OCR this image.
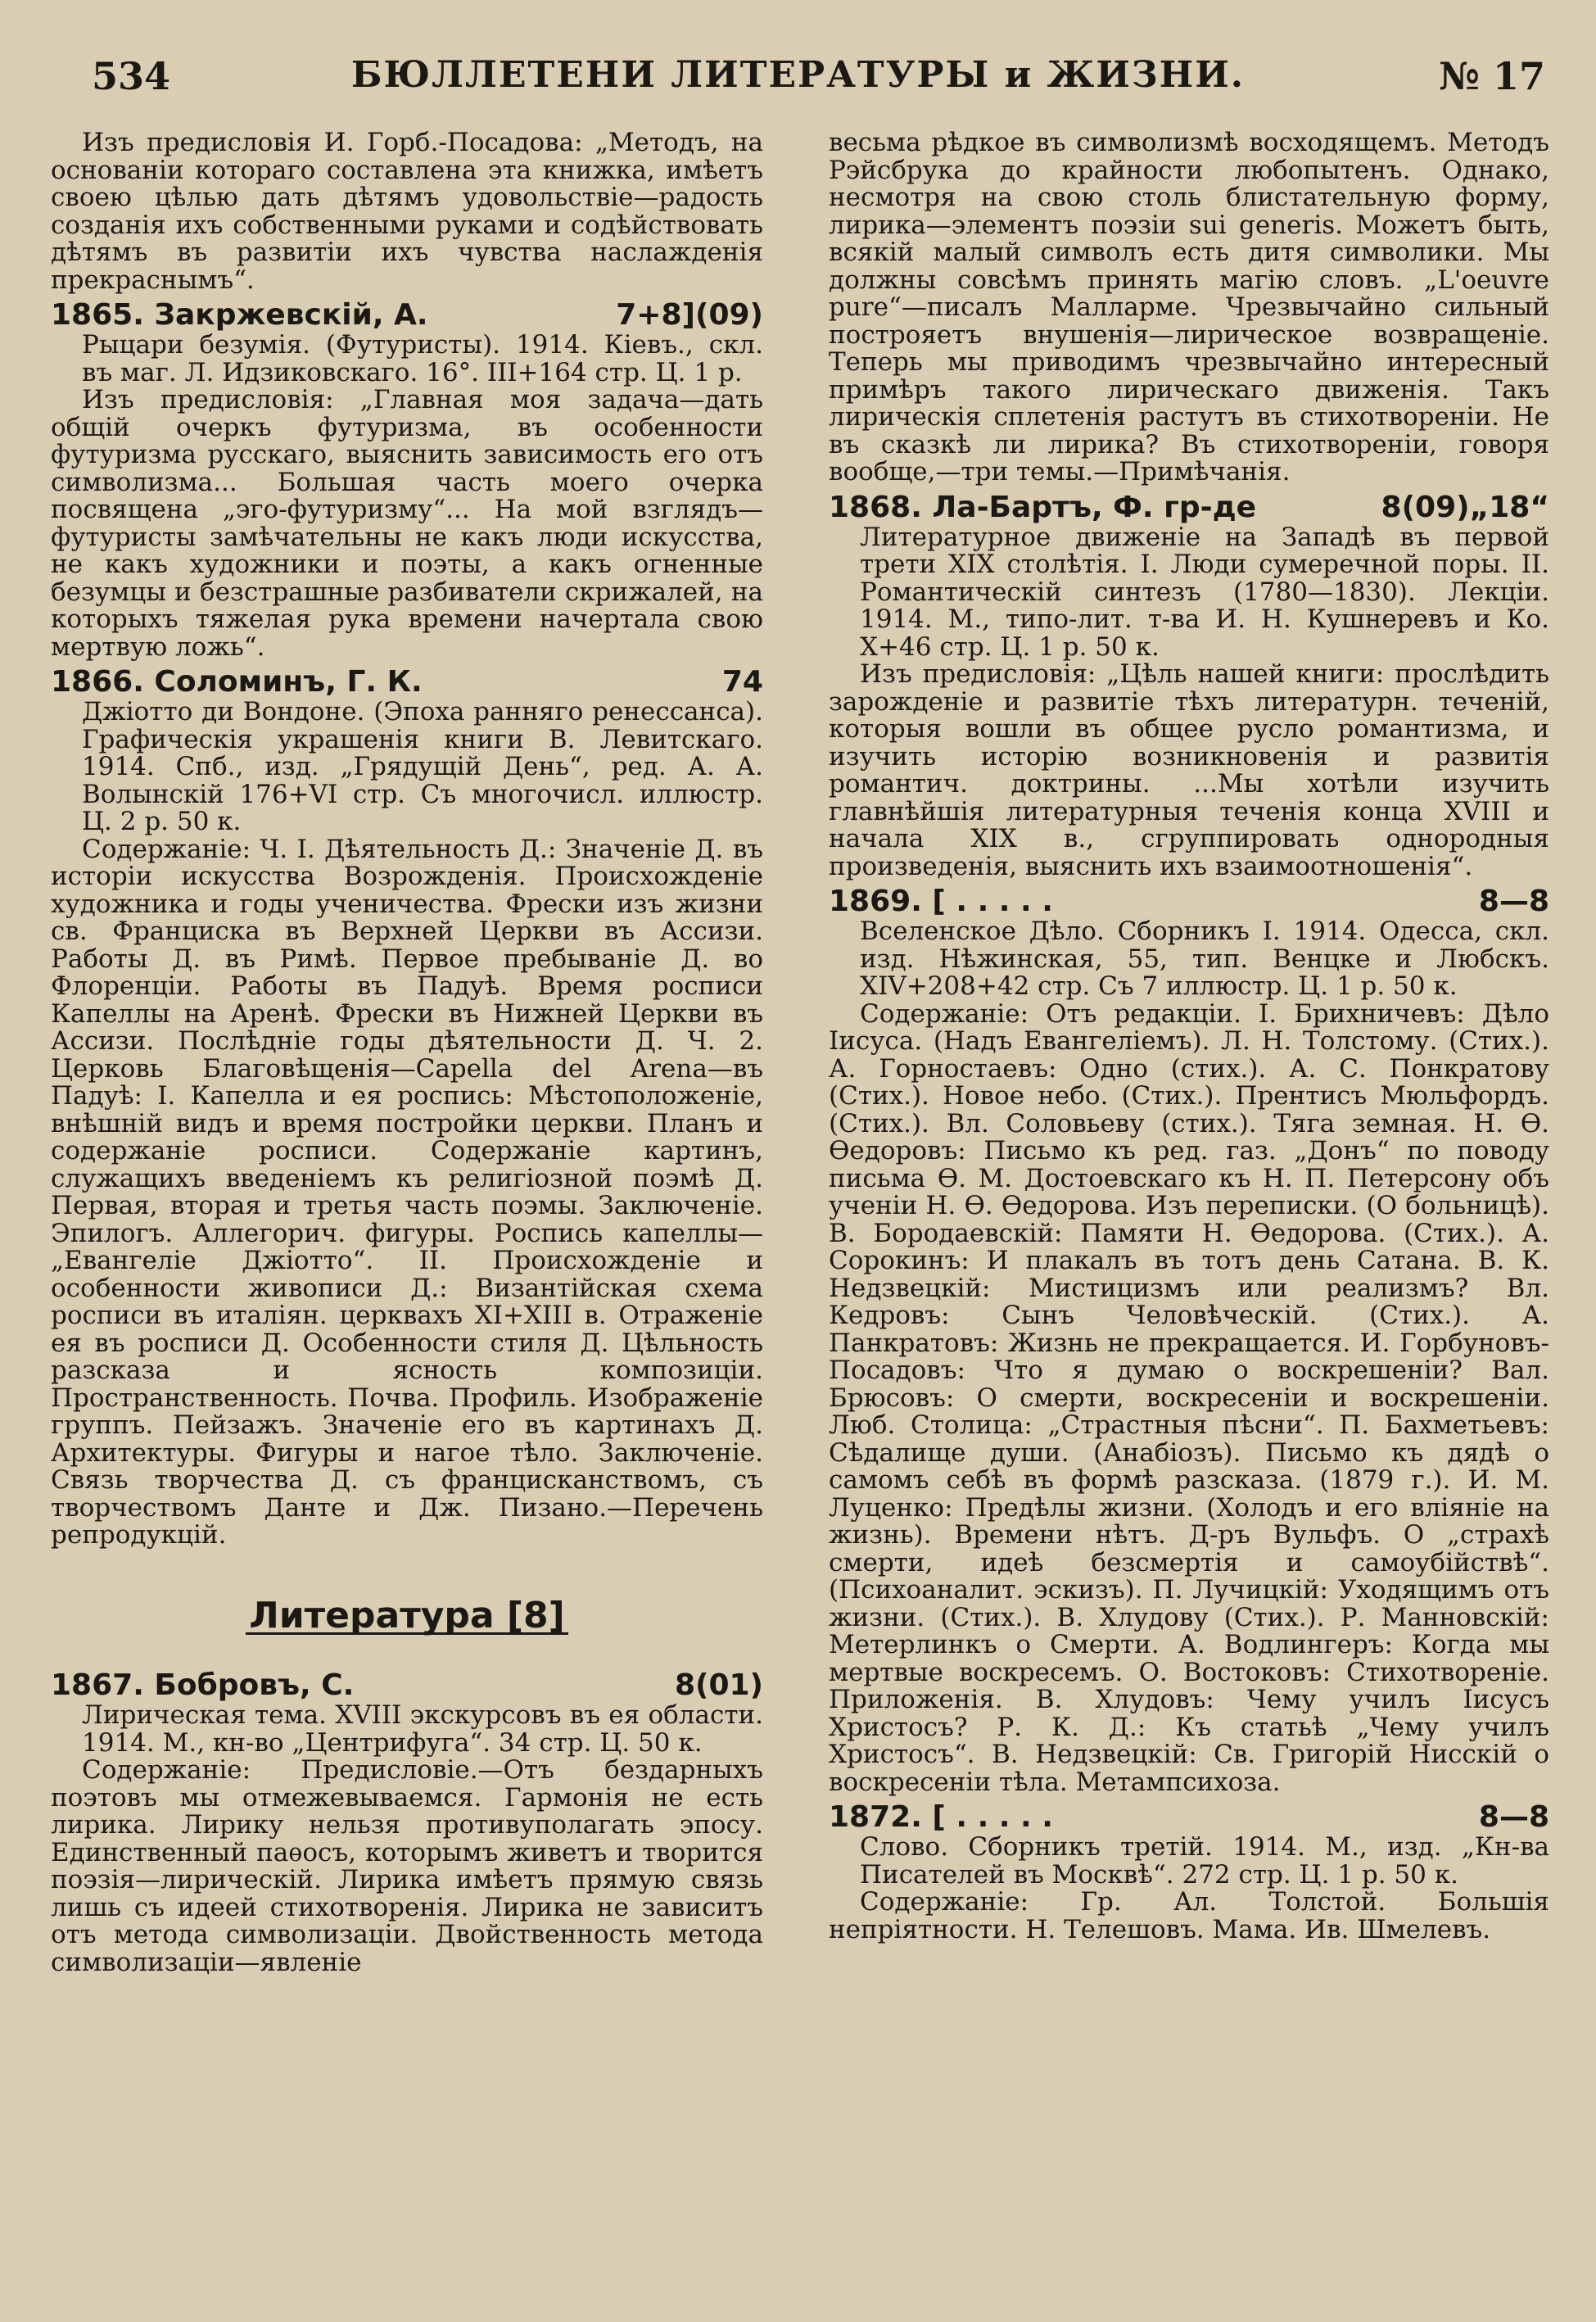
534	БЮЛЛЕТЕНИ ЛИТЕРАТУРЫ и ЖИЗНИ.	№ 17

Изъ предисловія И. Горб.-Посадова: „Методъ, на основаніи котораго составлена эта книжка, имѣетъ своею цѣлью дать дѣтямъ удовольствіе—радость созданія ихъ собственными руками и содѣйствовать дѣтямъ въ развитіи ихъ чувства наслажденія прекраснымъ“.

1865. Закржевскій, А.	7+8](09)

Рыцари безумія. (Футуристы). 1914. Кіевъ., скл. въ маг. Л. Идзиковскаго. 16°. III+164 стр. Ц. 1 р.

Изъ предисловія: „Главная моя задача—дать общій очеркъ футуризма, въ особенности футуризма русскаго, выяснить зависимость его отъ символизма... Большая часть моего очерка посвящена „эго-футуризму“... На мой взглядъ—футуристы замѣчательны не какъ люди искусства, не какъ художники и поэты, а какъ огненные безумцы и безстрашные разбиватели скрижалей, на которыхъ тяжелая рука времени начертала свою мертвую ложь“.

1866. Соломинъ, Г. К.	74

Джіотто ди Вондоне. (Эпоха ранняго ренессанса). Графическія украшенія книги В. Левитскаго. 1914. Спб., изд. „Грядущій День“, ред. А. А. Волынскій 176+VI стр. Съ многочисл. иллюстр. Ц. 2 р. 50 к.

Содержаніе: Ч. I. Дѣятельность Д.: Значеніе Д. въ исторіи искусства Возрожденія. Происхожденіе художника и годы ученичества. Фрески изъ жизни св. Франциска въ Верхней Церкви въ Ассизи. Работы Д. въ Римѣ. Первое пребываніе Д. во Флоренціи. Работы въ Падуѣ. Время росписи Капеллы на Аренѣ. Фрески въ Нижней Церкви въ Ассизи. Послѣдніе годы дѣятельности Д. Ч. 2. Церковь Благовѣщенія—Capella del Arena—въ Падуѣ: I. Капелла и ея роспись: Мѣстоположеніе, внѣшній видъ и время постройки церкви. Планъ и содержаніе росписи. Содержаніе картинъ, служащихъ введеніемъ къ религіозной поэмѣ Д. Первая, вторая и третья часть поэмы. Заключеніе. Эпилогъ. Аллегорич. фигуры. Роспись капеллы—„Евангеліе Джіотто“. II. Происхожденіе и особенности живописи Д.: Византійская схема росписи въ италіян. церквахъ XI+XIII в. Отраженіе ея въ росписи Д. Особенности стиля Д. Цѣльность разсказа и ясность композиціи. Пространственность. Почва. Профиль. Изображеніе группъ. Пейзажъ. Значеніе его въ картинахъ Д. Архитектуры. Фигуры и нагое тѣло. Заключеніе. Связь творчества Д. съ францисканствомъ, съ творчествомъ Данте и Дж. Пизано.—Перечень репродукцій.

Литература [8]
1867. Бобровъ, С.	8(01)

Лирическая тема. XVIII экскурсовъ въ ея области. 1914. М., кн-во „Центрифуга“. 34 стр. Ц. 50 к.

Содержаніе: Предисловіе.—Отъ бездарныхъ поэтовъ мы отмежевываемся. Гармонія не есть лирика. Лирику нельзя противуполагать эпосу. Единственный паѳосъ, которымъ живетъ и творится поэзія—лирическій. Лирика имѣетъ прямую связь лишь съ идеей стихотворенія. Лирика не зависитъ отъ метода символизаціи. Двойственность метода символизаціи—явленіе

весьма рѣдкое въ символизмѣ восходящемъ. Методъ Рэйсбрука до крайности любопытенъ. Однако, несмотря на свою столь блистательную форму, лирика—элементъ поэзіи sui generis. Можетъ быть, всякій малый символъ есть дитя символики. Мы должны совсѣмъ принять магію словъ. „L'oeuvre pure“—писалъ Малларме. Чрезвычайно сильный построяетъ внушенія—лирическое возвращеніе. Теперь мы приводимъ чрезвычайно интересный примѣръ такого лирическаго движенія. Такъ лирическія сплетенія растутъ въ стихотвореніи. Не въ сказкѣ ли лирика? Въ стихотвореніи, говоря вообще,—три темы.—Примѣчанія.

1868. Ла-Бартъ, Ф. гр-де	8(09)„18“

Литературное движеніе на Западѣ въ первой трети XIX столѣтія. I. Люди сумеречной поры. II. Романтическій синтезъ (1780—1830). Лекціи. 1914. М., типо-лит. т-ва И. Н. Кушнеревъ и Ко. X+46 стр. Ц. 1 р. 50 к.

Изъ предисловія: „Цѣль нашей книги: прослѣдить зарожденіе и развитіе тѣхъ литературн. теченій, которыя вошли въ общее русло романтизма, и изучить исторію возникновенія и развитія романтич. доктрины. ...Мы хотѣли изучить главнѣйшія литературныя теченія конца XVIII и начала XIX в., сгруппировать однородныя произведенія, выяснить ихъ взаимоотношенія“.

1869. [ . . . . .	8—8

Вселенское Дѣло. Сборникъ I. 1914. Одесса, скл. изд. Нѣжинская, 55, тип. Венцке и Любскъ. XIV+208+42 стр. Съ 7 иллюстр. Ц. 1 р. 50 к.

Содержаніе: Отъ редакціи. I. Брихничевъ: Дѣло Іисуса. (Надъ Евангеліемъ). Л. Н. Толстому. (Стих.). А. Горностаевъ: Одно (стих.). А. С. Понкратову (Стих.). Новое небо. (Стих.). Прентисъ Мюльфордъ. (Стих.). Вл. Соловьеву (стих.). Тяга земная. Н. Ѳ. Ѳедоровъ: Письмо къ ред. газ. „Донъ“ по поводу письма Ѳ. М. Достоевскаго къ Н. П. Петерсону объ ученіи Н. Ѳ. Ѳедорова. Изъ переписки. (О больницѣ). В. Бородаевскій: Памяти Н. Ѳедорова. (Стих.). А. Сорокинъ: И плакалъ въ тотъ день Сатана. В. К. Недзвецкій: Мистицизмъ или реализмъ? Вл. Кедровъ: Сынъ Человѣческій. (Стих.). А. Панкратовъ: Жизнь не прекращается. И. Горбуновъ-Посадовъ: Что я думаю о воскрешеніи? Вал. Брюсовъ: О смерти, воскресеніи и воскрешеніи. Люб. Столица: „Страстныя пѣсни“. П. Бахметьевъ: Сѣдалище души. (Анабіозъ). Письмо къ дядѣ о самомъ себѣ въ формѣ разсказа. (1879 г.). И. М. Луценко: Предѣлы жизни. (Холодъ и его вліяніе на жизнь). Времени нѣтъ. Д-ръ Вульфъ. О „страхѣ смерти, идеѣ безсмертія и самоубійствѣ“. (Психоаналит. эскизъ). П. Лучицкій: Уходящимъ отъ жизни. (Стих.). В. Хлудову (Стих.). Р. Манновскій: Метерлинкъ о Смерти. А. Водлингеръ: Когда мы мертвые воскресемъ. О. Востоковъ: Стихотвореніе. Приложенія. В. Хлудовъ: Чему училъ Іисусъ Христосъ? Р. К. Д.: Къ статьѣ „Чему училъ Христосъ“. В. Недзвецкій: Св. Григорій Нисскій о воскресеніи тѣла. Метампсихоза.

1872. [ . . . . .	8—8

Слово. Сборникъ третій. 1914. М., изд. „Кн-ва Писателей въ Москвѣ“. 272 стр. Ц. 1 р. 50 к.

Содержаніе: Гр. Ал. Толстой. Большія непріятности. Н. Телешовъ. Мама. Ив. Шмелевъ.
